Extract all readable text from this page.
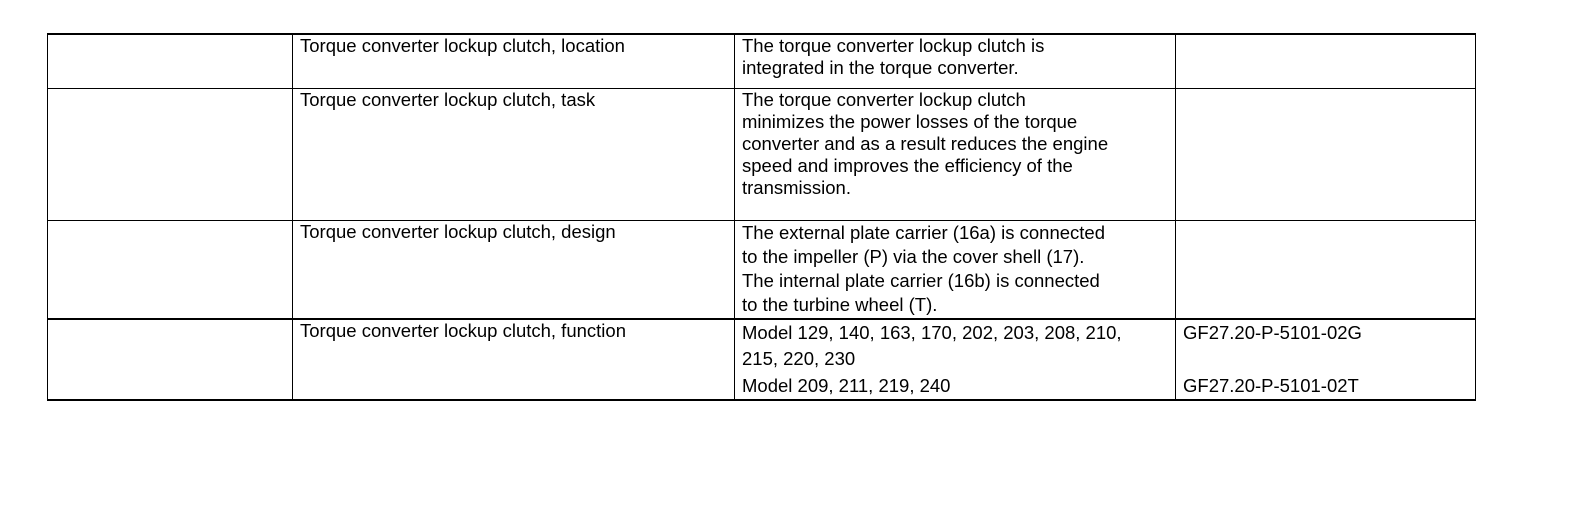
	Torque converter lockup clutch, location	The torque converter lockup clutch is
integrated in the torque converter.	

	Torque converter lockup clutch, task	The torque converter lockup clutch
minimizes the power losses of the torque
converter and as a result reduces the engine
speed and improves the efficiency of the
transmission.	

	Torque converter lockup clutch, design	The external plate carrier (16a) is connected
to the impeller (P) via the cover shell (17).
The internal plate carrier (16b) is connected
to the turbine wheel (T).	

	Torque converter lockup clutch, function	Model 129, 140, 163, 170, 202, 203, 208, 210,
215, 220, 230	GF27.20-P-5101-02G

		Model 209, 211, 219, 240	GF27.20-P-5101-02T
